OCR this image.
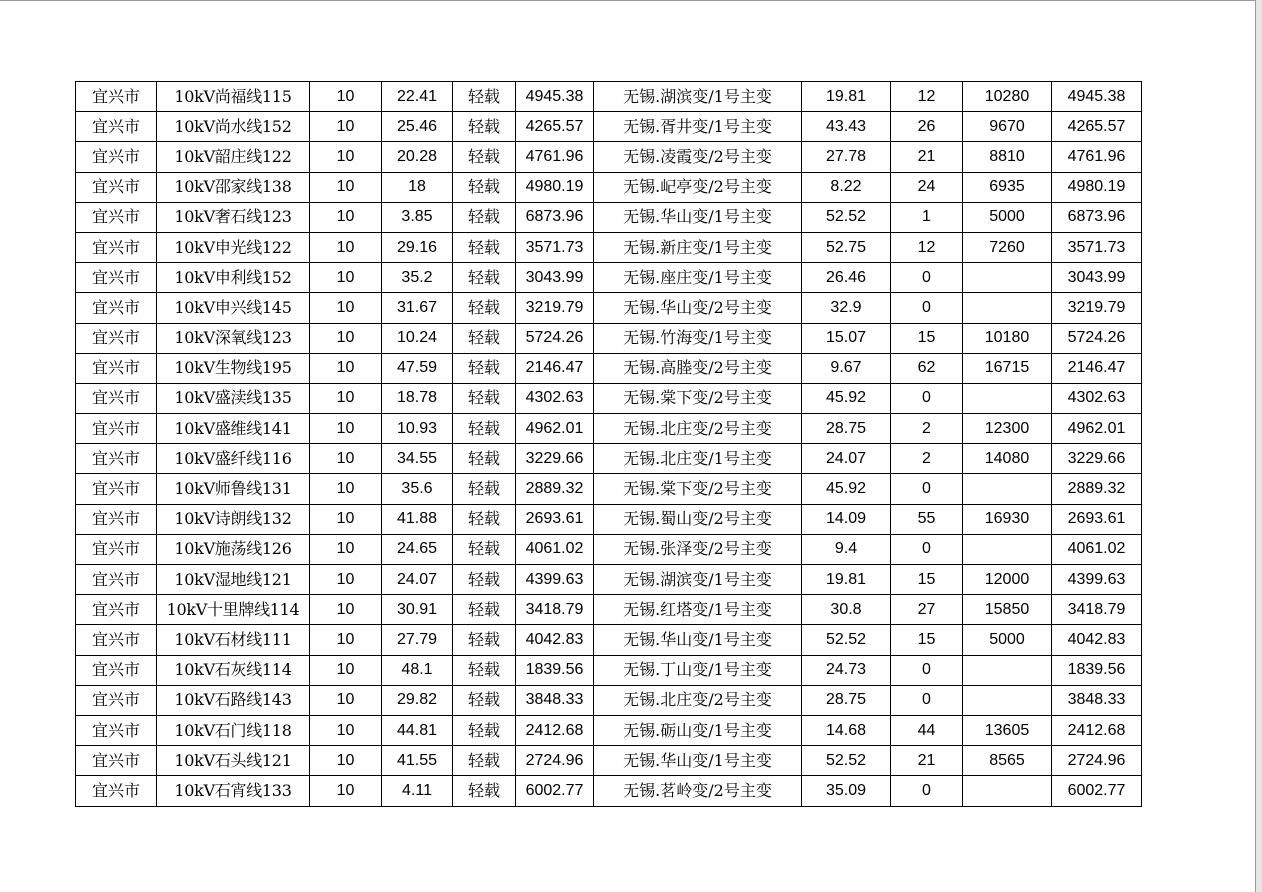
宜兴市	10kV尚福线115	10	22.41	轻载	4945.38	无锡.湖滨变/1号主变	19.81	12	10280	4945.38
宜兴市	10kV尚水线152	10	25.46	轻载	4265.57	无锡.胥井变/1号主变	43.43	26	9670	4265.57
宜兴市	10kV韶庄线122	10	20.28	轻载	4761.96	无锡.凌霞变/2号主变	27.78	21	8810	4761.96
宜兴市	10kV邵家线138	10	18	轻载	4980.19	无锡.屺亭变/2号主变	8.22	24	6935	4980.19
宜兴市	10kV奢石线123	10	3.85	轻载	6873.96	无锡.华山变/1号主变	52.52	1	5000	6873.96
宜兴市	10kV申光线122	10	29.16	轻载	3571.73	无锡.新庄变/1号主变	52.75	12	7260	3571.73
宜兴市	10kV申利线152	10	35.2	轻载	3043.99	无锡.座庄变/1号主变	26.46	0		3043.99
宜兴市	10kV申兴线145	10	31.67	轻载	3219.79	无锡.华山变/2号主变	32.9	0		3219.79
宜兴市	10kV深氧线123	10	10.24	轻载	5724.26	无锡.竹海变/1号主变	15.07	15	10180	5724.26
宜兴市	10kV生物线195	10	47.59	轻载	2146.47	无锡.高塍变/2号主变	9.67	62	16715	2146.47
宜兴市	10kV盛渎线135	10	18.78	轻载	4302.63	无锡.棠下变/2号主变	45.92	0		4302.63
宜兴市	10kV盛维线141	10	10.93	轻载	4962.01	无锡.北庄变/2号主变	28.75	2	12300	4962.01
宜兴市	10kV盛纤线116	10	34.55	轻载	3229.66	无锡.北庄变/1号主变	24.07	2	14080	3229.66
宜兴市	10kV师鲁线131	10	35.6	轻载	2889.32	无锡.棠下变/2号主变	45.92	0		2889.32
宜兴市	10kV诗朗线132	10	41.88	轻载	2693.61	无锡.蜀山变/2号主变	14.09	55	16930	2693.61
宜兴市	10kV施荡线126	10	24.65	轻载	4061.02	无锡.张泽变/2号主变	9.4	0		4061.02
宜兴市	10kV湿地线121	10	24.07	轻载	4399.63	无锡.湖滨变/1号主变	19.81	15	12000	4399.63
宜兴市	10kV十里牌线114	10	30.91	轻载	3418.79	无锡.红塔变/1号主变	30.8	27	15850	3418.79
宜兴市	10kV石材线111	10	27.79	轻载	4042.83	无锡.华山变/1号主变	52.52	15	5000	4042.83
宜兴市	10kV石灰线114	10	48.1	轻载	1839.56	无锡.丁山变/1号主变	24.73	0		1839.56
宜兴市	10kV石路线143	10	29.82	轻载	3848.33	无锡.北庄变/2号主变	28.75	0		3848.33
宜兴市	10kV石门线118	10	44.81	轻载	2412.68	无锡.砺山变/1号主变	14.68	44	13605	2412.68
宜兴市	10kV石头线121	10	41.55	轻载	2724.96	无锡.华山变/1号主变	52.52	21	8565	2724.96
宜兴市	10kV石宵线133	10	4.11	轻载	6002.77	无锡.茗岭变/2号主变	35.09	0		6002.77
